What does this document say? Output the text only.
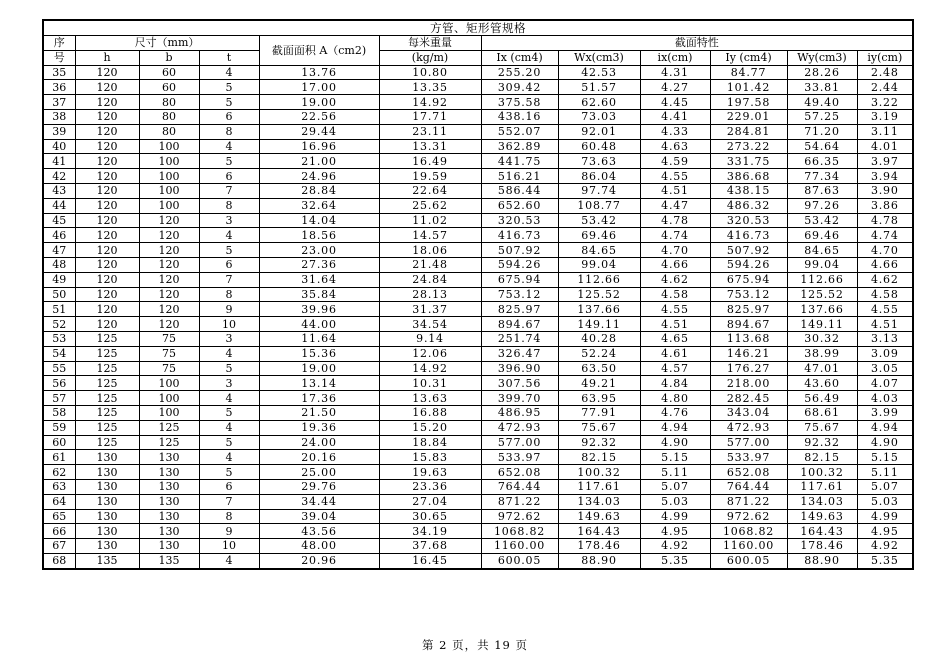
方管、矩形管规格											
序	尺寸（mm）			截面面积 A（cm2)	每米重量	截面特性					
号	h	b	t		(kg/m)	Ix (cm4)	Wx(cm3)	ix(cm)	Iy (cm4)	Wy(cm3)	iy(cm)
35	120	60	4	13.76	10.80	255.20	42.53	4.31	84.77	28.26	2.48
36	120	60	5	17.00	13.35	309.42	51.57	4.27	101.42	33.81	2.44
37	120	80	5	19.00	14.92	375.58	62.60	4.45	197.58	49.40	3.22
38	120	80	6	22.56	17.71	438.16	73.03	4.41	229.01	57.25	3.19
39	120	80	8	29.44	23.11	552.07	92.01	4.33	284.81	71.20	3.11
40	120	100	4	16.96	13.31	362.89	60.48	4.63	273.22	54.64	4.01
41	120	100	5	21.00	16.49	441.75	73.63	4.59	331.75	66.35	3.97
42	120	100	6	24.96	19.59	516.21	86.04	4.55	386.68	77.34	3.94
43	120	100	7	28.84	22.64	586.44	97.74	4.51	438.15	87.63	3.90
44	120	100	8	32.64	25.62	652.60	108.77	4.47	486.32	97.26	3.86
45	120	120	3	14.04	11.02	320.53	53.42	4.78	320.53	53.42	4.78
46	120	120	4	18.56	14.57	416.73	69.46	4.74	416.73	69.46	4.74
47	120	120	5	23.00	18.06	507.92	84.65	4.70	507.92	84.65	4.70
48	120	120	6	27.36	21.48	594.26	99.04	4.66	594.26	99.04	4.66
49	120	120	7	31.64	24.84	675.94	112.66	4.62	675.94	112.66	4.62
50	120	120	8	35.84	28.13	753.12	125.52	4.58	753.12	125.52	4.58
51	120	120	9	39.96	31.37	825.97	137.66	4.55	825.97	137.66	4.55
52	120	120	10	44.00	34.54	894.67	149.11	4.51	894.67	149.11	4.51
53	125	75	3	11.64	9.14	251.74	40.28	4.65	113.68	30.32	3.13
54	125	75	4	15.36	12.06	326.47	52.24	4.61	146.21	38.99	3.09
55	125	75	5	19.00	14.92	396.90	63.50	4.57	176.27	47.01	3.05
56	125	100	3	13.14	10.31	307.56	49.21	4.84	218.00	43.60	4.07
57	125	100	4	17.36	13.63	399.70	63.95	4.80	282.45	56.49	4.03
58	125	100	5	21.50	16.88	486.95	77.91	4.76	343.04	68.61	3.99
59	125	125	4	19.36	15.20	472.93	75.67	4.94	472.93	75.67	4.94
60	125	125	5	24.00	18.84	577.00	92.32	4.90	577.00	92.32	4.90
61	130	130	4	20.16	15.83	533.97	82.15	5.15	533.97	82.15	5.15
62	130	130	5	25.00	19.63	652.08	100.32	5.11	652.08	100.32	5.11
63	130	130	6	29.76	23.36	764.44	117.61	5.07	764.44	117.61	5.07
64	130	130	7	34.44	27.04	871.22	134.03	5.03	871.22	134.03	5.03
65	130	130	8	39.04	30.65	972.62	149.63	4.99	972.62	149.63	4.99
66	130	130	9	43.56	34.19	1068.82	164.43	4.95	1068.82	164.43	4.95
67	130	130	10	48.00	37.68	1160.00	178.46	4.92	1160.00	178.46	4.92
68	135	135	4	20.96	16.45	600.05	88.90	5.35	600.05	88.90	5.35
第 2 页，共 19 页
